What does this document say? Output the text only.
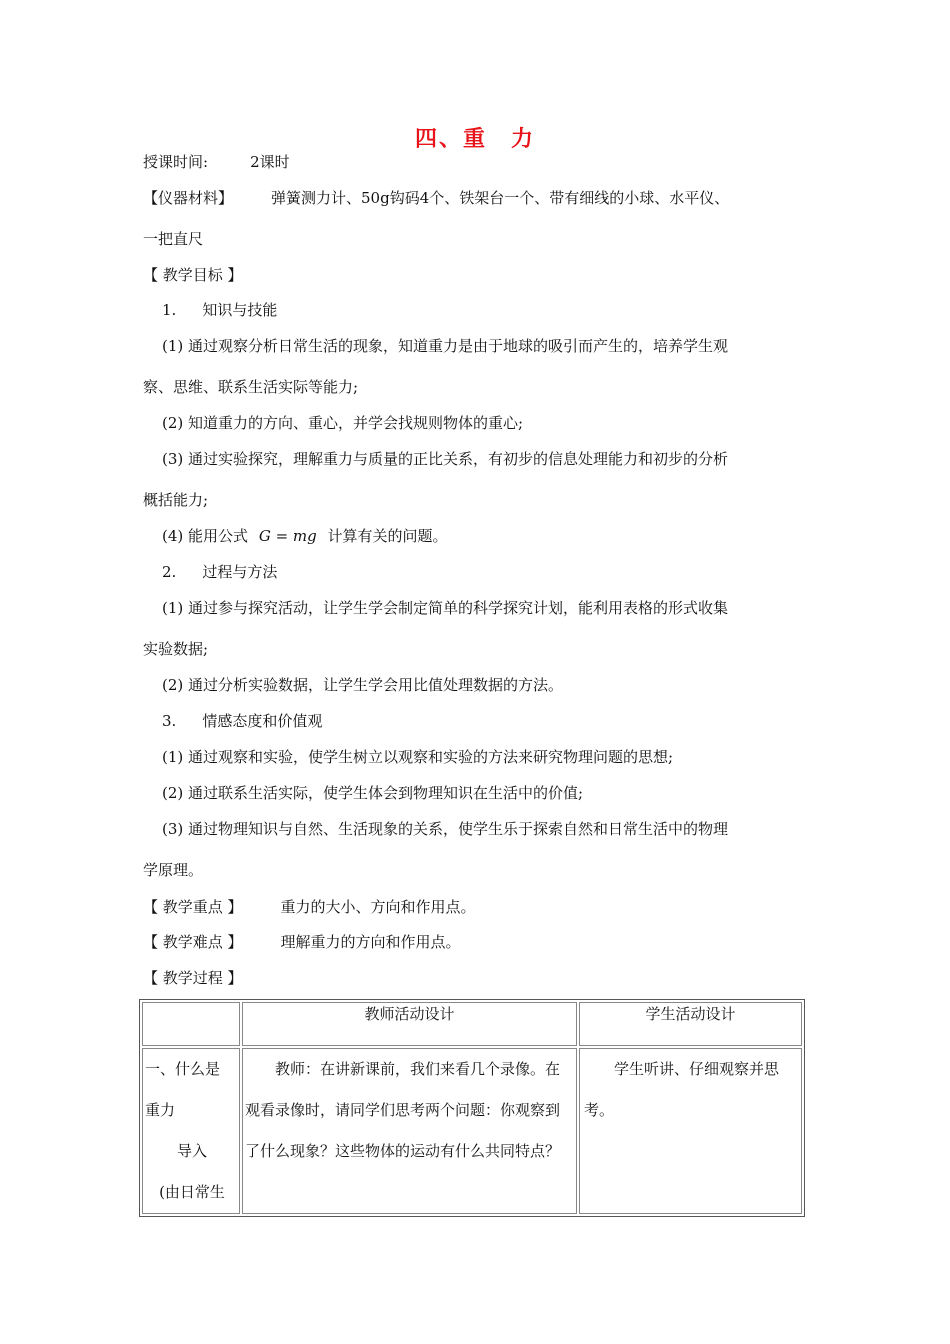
四、重　力
授课时间:	2课时
【仪器材料】	弹簧测力计、50g钩码4个、铁架台一个、带有细线的小球、水平仪、
一把直尺
【 教学目标 】
1. 知识与技能
(1) 通过观察分析日常生活的现象，知道重力是由于地球的吸引而产生的，培养学生观
察、思维、联系生活实际等能力;
(2) 知道重力的方向、重心，并学会找规则物体的重心;
(3) 通过实验探究，理解重力与质量的正比关系，有初步的信息处理能力和初步的分析
概括能力;
(4) 能用公式 G = mg 计算有关的问题。
2. 过程与方法
(1) 通过参与探究活动，让学生学会制定简单的科学探究计划，能利用表格的形式收集
实验数据;
(2) 通过分析实验数据，让学生学会用比值处理数据的方法。
3. 情感态度和价值观
(1) 通过观察和实验，使学生树立以观察和实验的方法来研究物理问题的思想;
(2) 通过联系生活实际，使学生体会到物理知识在生活中的价值;
(3) 通过物理知识与自然、生活现象的关系，使学生乐于探索自然和日常生活中的物理
学原理。
【 教学重点 】	重力的大小、方向和作用点。
【 教学难点 】	理解重力的方向和作用点。
【 教学过程 】
	教师活动设计	学生活动设计

一、什么是
重力
导入
(由日常生	教师：在讲新课前，我们来看几个录像。在观看录像时，请同学们思考两个问题：你观察到了什么现象？这些物体的运动有什么共同特点？	学生听讲、仔细观察并思考。
